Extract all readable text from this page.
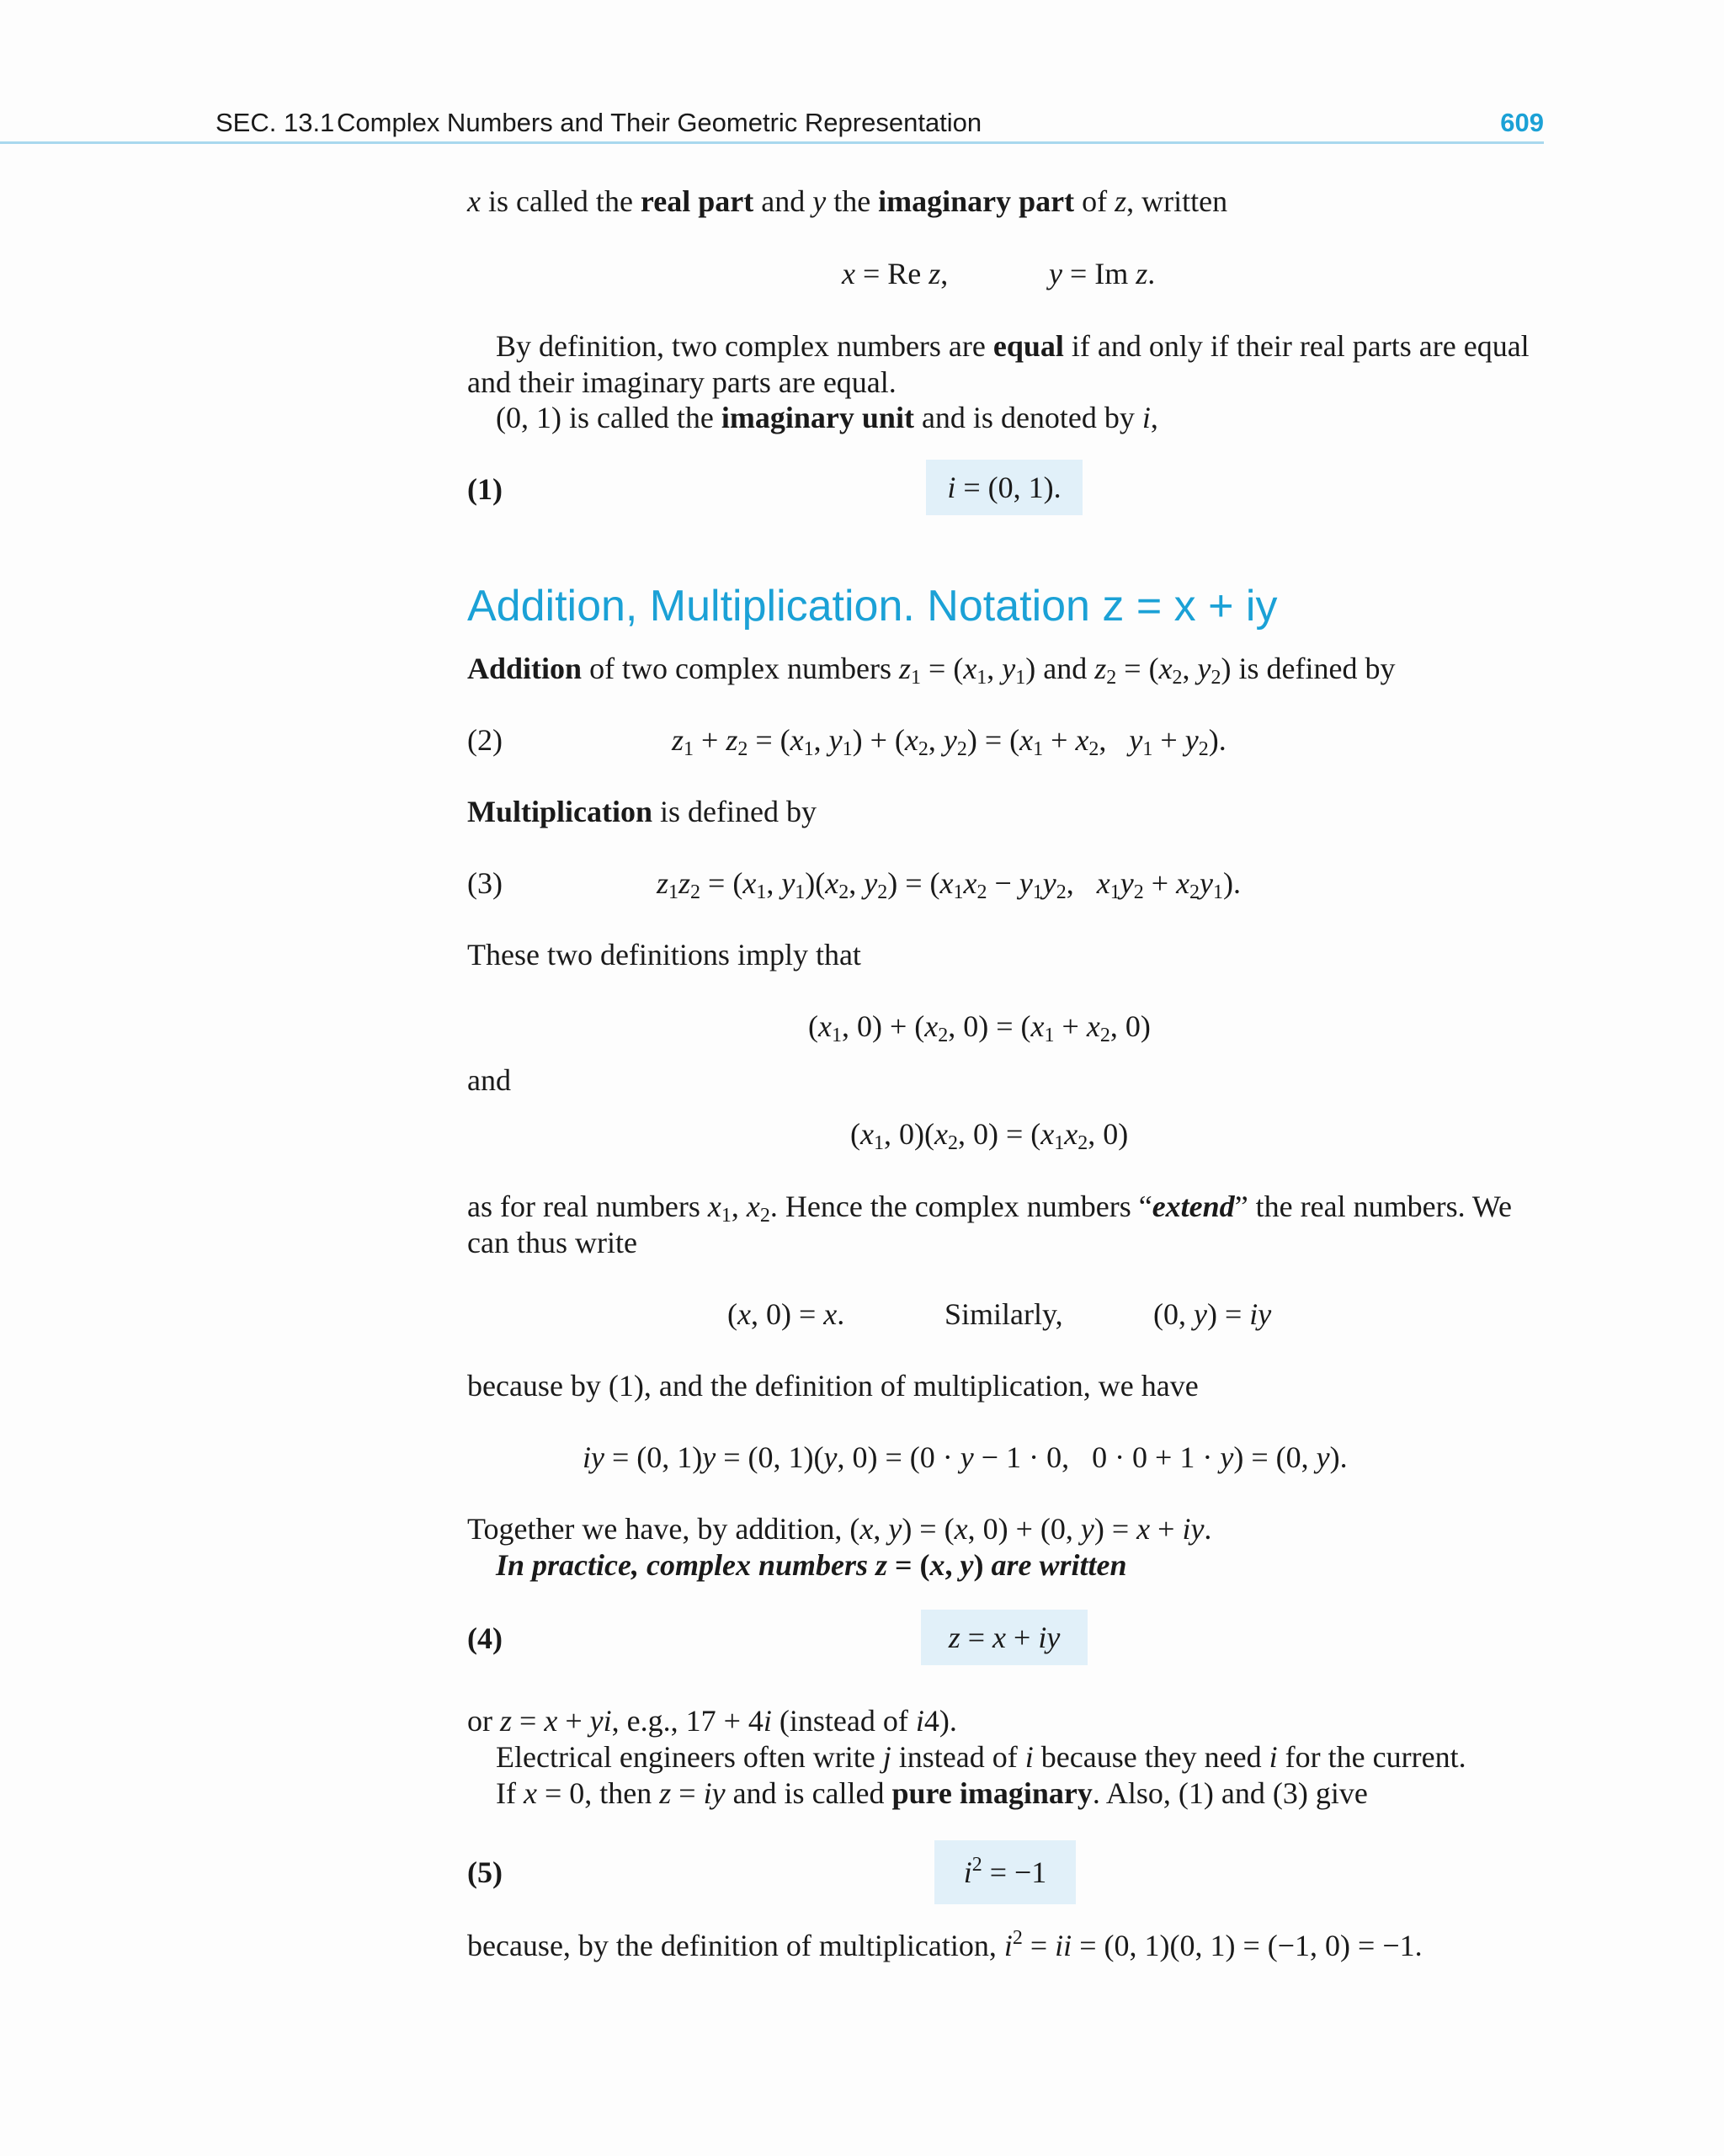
SEC. 13.1 Complex Numbers and Their Geometric Representation	609
x is called the real part and y the imaginary part of z, written
x = Re z,	y = Im z.
By definition, two complex numbers are equal if and only if their real parts are equal
and their imaginary parts are equal.
(0, 1) is called the imaginary unit and is denoted by i,
(1)	i = (0, 1).
Addition, Multiplication. Notation z = x + iy
Addition of two complex numbers $z_1 = (x_1$, $y_1$) and $z_2 = (x_2$, $y_2$) is defined by
(2)	$z_1 + z_2 = (x_1$, $y_1) + (x_2$, $y_2) = (x_1 + x_2$,   $y_1 + y_2$).
Multiplication is defined by
(3)	$z_1z_2 = (x_1$, $y_1)(x_2$, $y_2) = (x_1x_2 - y_1y_2$,   $x_1y_2 + x_2y_1$).
These two definitions imply that
($x_1$, $0) + (x_2$, $0) = (x_1 + x_2$, 0)
and
($x_1$, $0)(x_2$, $0) = (x_1x_2$, 0)
as for real numbers $x_1$, $x_2$. Hence the complex numbers “extend” the real numbers. We
can thus write
(x, 0) = x.	Similarly,	(0, y) = iy
because by (1), and the definition of multiplication, we have
iy = (0, 1)y = (0, 1)(y, 0) = (0 · y − 1 · 0,   0 · 0 + 1 · y) = (0, y).
Together we have, by addition, (x, y) = (x, 0) + (0, y) = x + iy.
In practice, complex numbers z = (x, y) are written
(4)	z = x + iy
or z = x + yi, e.g., 17 + 4i (instead of i4).
Electrical engineers often write j instead of i because they need i for the current.
If x = 0, then z = iy and is called pure imaginary. Also, (1) and (3) give
(5)	$i^2 = -1$
because, by the definition of multiplication, $i^2$ = ii = (0, 1)(0, 1) = (−1, 0) = −1.
